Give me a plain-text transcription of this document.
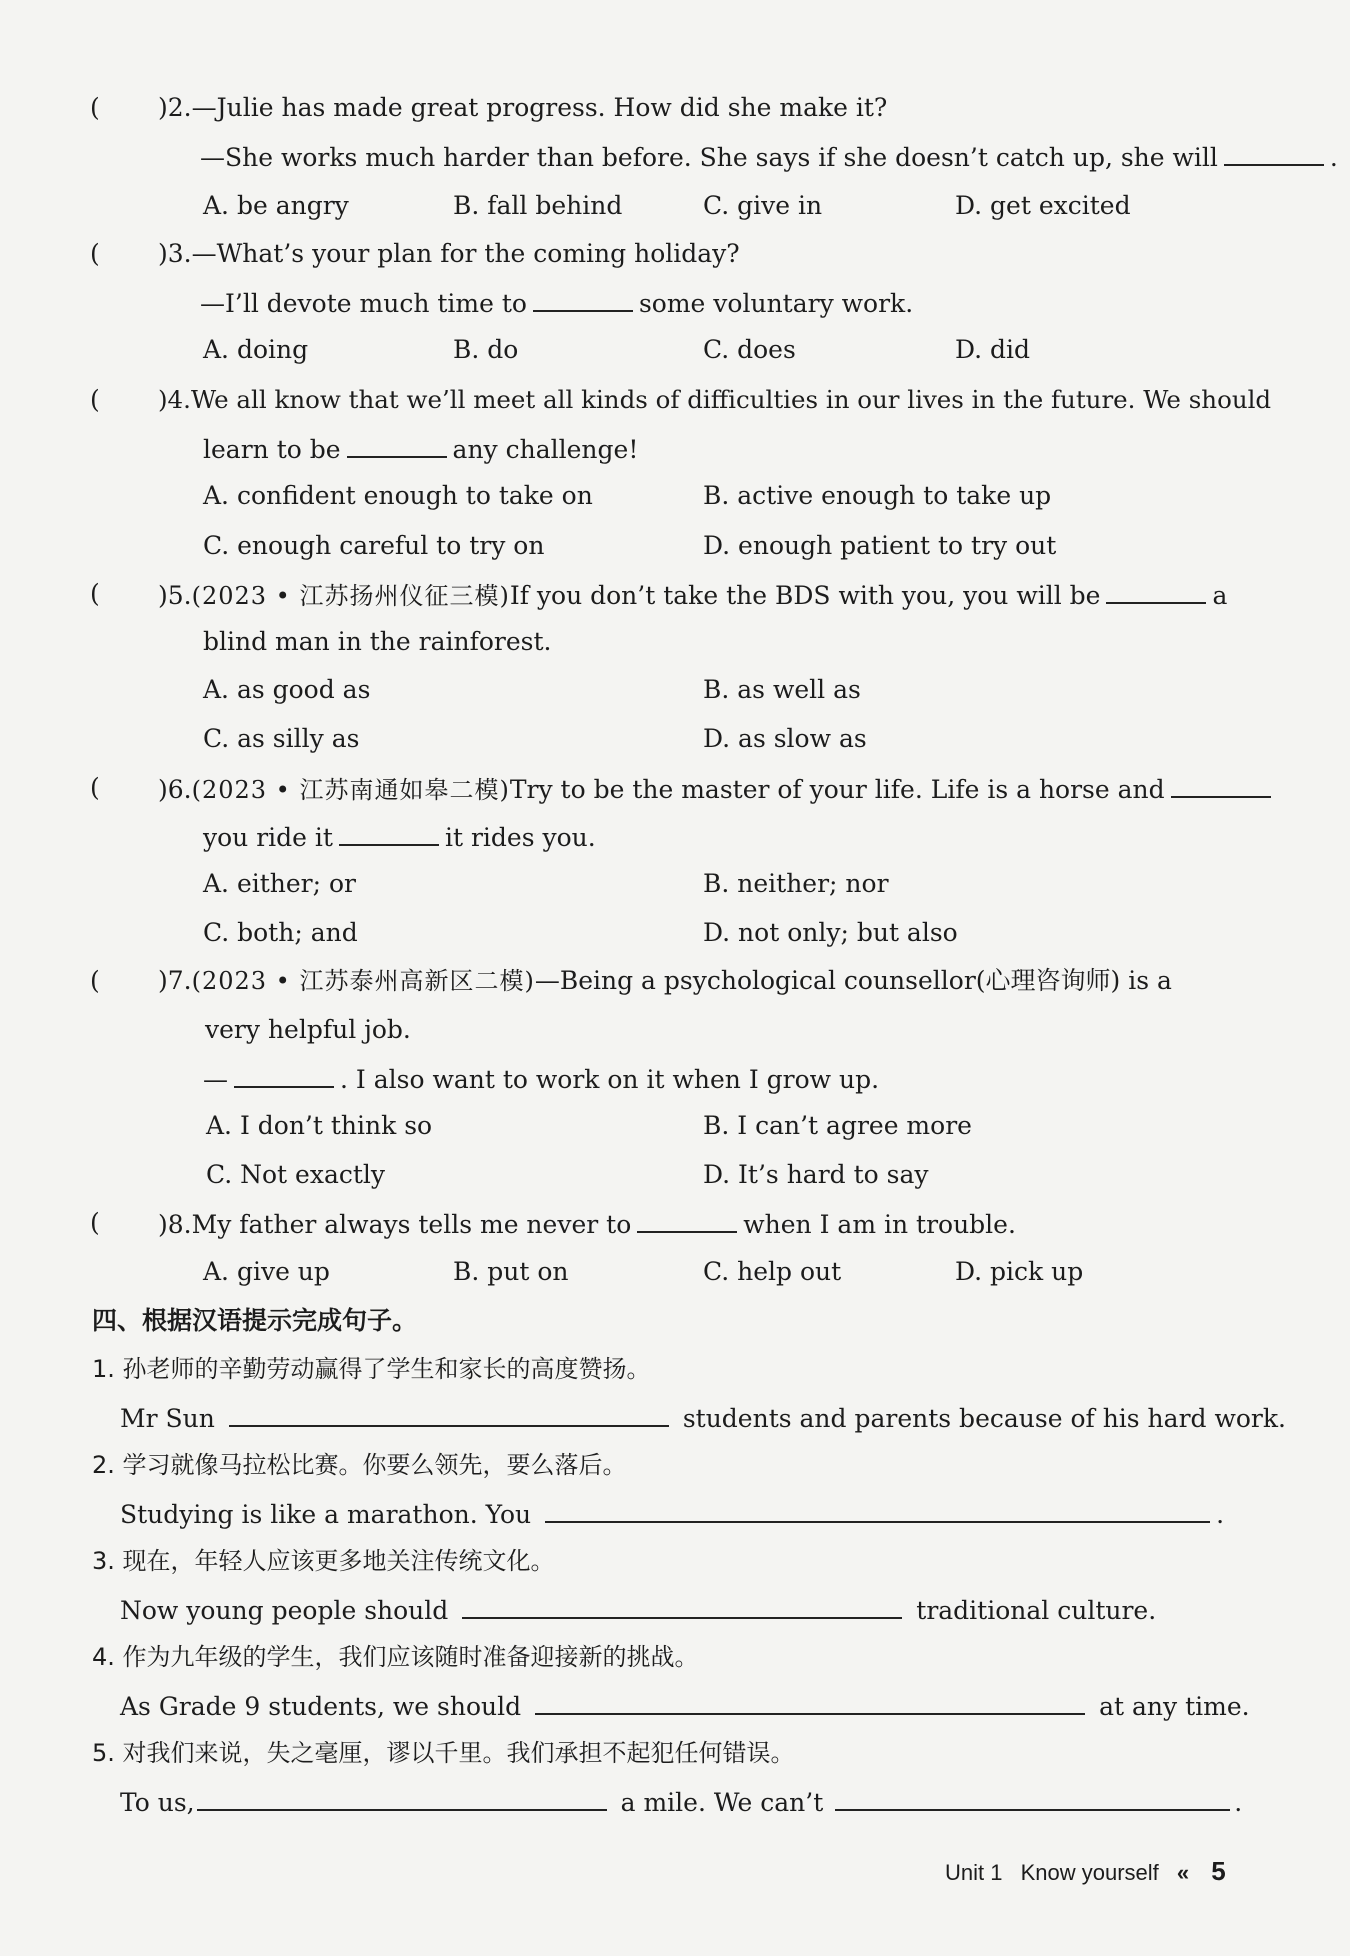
( )2.—Julie has made great progress. How did she make it?
—She works much harder than before. She says if she doesn’t catch up, she will	.
A. be angry	B. fall behind	C. give in	D. get excited
( )3.—What’s your plan for the coming holiday?
—I’ll devote much time to	some voluntary work.
A. doing	B. do	C. does	D. did
( )4.We all know that we’ll meet all kinds of difficulties in our lives in the future. We should
learn to be	any challenge!
A. confident enough to take on	B. active enough to take up
C. enough careful to try on	D. enough patient to try out
( )5.(2023 • 江苏扬州仪征三模)If you don’t take the BDS with you, you will be	a
blind man in the rainforest.
A. as good as	B. as well as
C. as silly as	D. as slow as
( )6.(2023 • 江苏南通如皋二模)Try to be the master of your life. Life is a horse and
you ride it	it rides you.
A. either; or	B. neither; nor
C. both; and	D. not only; but also
( )7.(2023 • 江苏泰州高新区二模)—Being a psychological counsellor(心理咨询师) is a
very helpful job.
—	. I also want to work on it when I grow up.
A. I don’t think so	B. I can’t agree more
C. Not exactly	D. It’s hard to say
( )8.My father always tells me never to	when I am in trouble.
A. give up	B. put on	C. help out	D. pick up
四、根据汉语提示完成句子。
1. 孙老师的辛勤劳动赢得了学生和家长的高度赞扬。
Mr Sun	students and parents because of his hard work.
2. 学习就像马拉松比赛。你要么领先，要么落后。
Studying is like a marathon. You	.
3. 现在，年轻人应该更多地关注传统文化。
Now young people should	traditional culture.
4. 作为九年级的学生，我们应该随时准备迎接新的挑战。
As Grade 9 students, we should	at any time.
5. 对我们来说，失之毫厘，谬以千里。我们承担不起犯任何错误。
To us,	a mile. We can’t	.
Unit 1 Know yourself « 5
